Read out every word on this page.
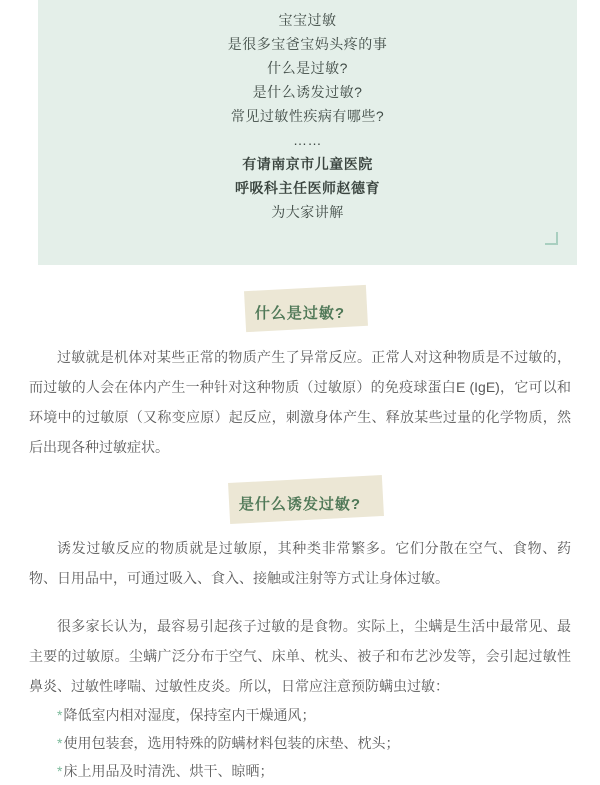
宝宝过敏

是很多宝爸宝妈头疼的事

什么是过敏?

是什么诱发过敏?

常见过敏性疾病有哪些?

……

有请南京市儿童医院

呼吸科主任医师赵德育

为大家讲解

什么是过敏?

过敏就是机体对某些正常的物质产生了异常反应。正常人对这种物质是不过敏的，而过敏的人会在体内产生一种针对这种物质（过敏原）的免疫球蛋白E (IgE)，它可以和环境中的过敏原（又称变应原）起反应，刺激身体产生、释放某些过量的化学物质，然后出现各种过敏症状。

是什么诱发过敏?

诱发过敏反应的物质就是过敏原，其种类非常繁多。它们分散在空气、食物、药物、日用品中，可通过吸入、食入、接触或注射等方式让身体过敏。

很多家长认为，最容易引起孩子过敏的是食物。实际上，尘螨是生活中最常见、最主要的过敏原。尘螨广泛分布于空气、床单、枕头、被子和布艺沙发等，会引起过敏性鼻炎、过敏性哮喘、过敏性皮炎。所以，日常应注意预防螨虫过敏：

*降低室内相对湿度，保持室内干燥通风；
*使用包装套，选用特殊的防螨材料包装的床垫、枕头；
*床上用品及时清洗、烘干、晾晒；
